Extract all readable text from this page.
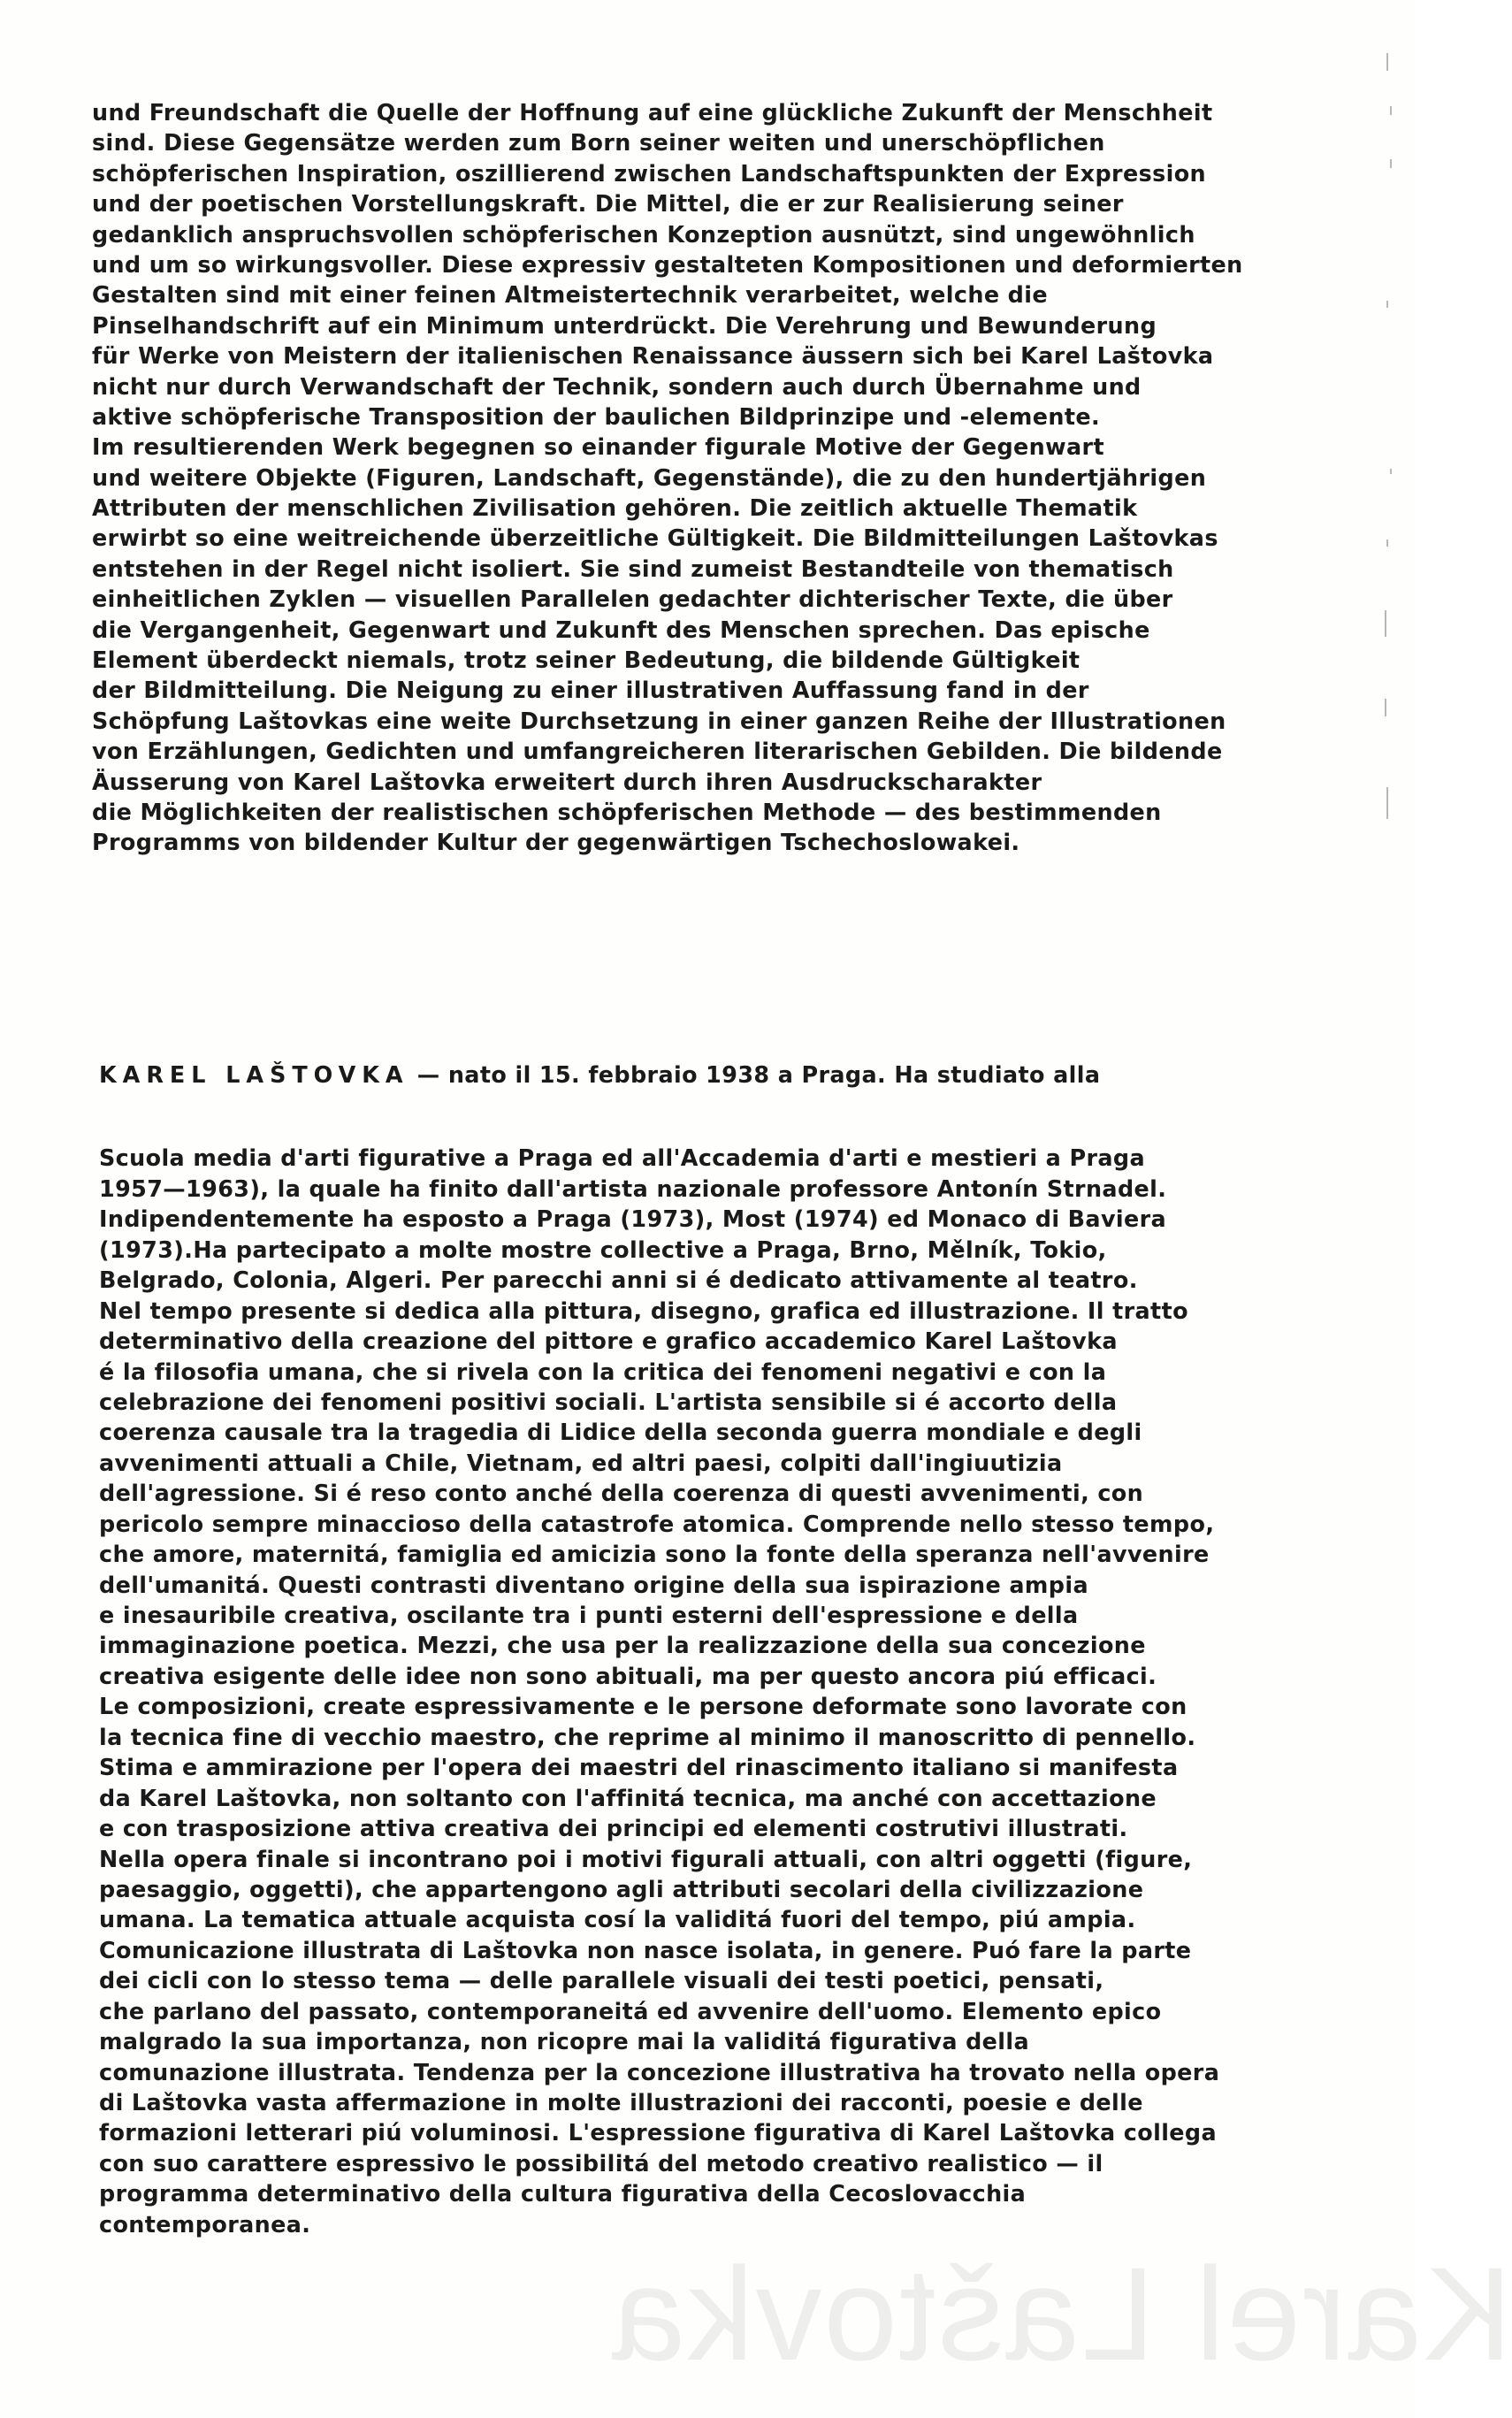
und Freundschaft die Quelle der Hoffnung auf eine glückliche Zukunft der Menschheit
sind. Diese Gegensätze werden zum Born seiner weiten und unerschöpflichen
schöpferischen Inspiration, oszillierend zwischen Landschaftspunkten der Expression
und der poetischen Vorstellungskraft. Die Mittel, die er zur Realisierung seiner
gedanklich anspruchsvollen schöpferischen Konzeption ausnützt, sind ungewöhnlich
und um so wirkungsvoller. Diese expressiv gestalteten Kompositionen und deformierten
Gestalten sind mit einer feinen Altmeistertechnik verarbeitet, welche die
Pinselhandschrift auf ein Minimum unterdrückt. Die Verehrung und Bewunderung
für Werke von Meistern der italienischen Renaissance äussern sich bei Karel Laštovka
nicht nur durch Verwandschaft der Technik, sondern auch durch Übernahme und
aktive schöpferische Transposition der baulichen Bildprinzipe und -elemente.
Im resultierenden Werk begegnen so einander figurale Motive der Gegenwart
und weitere Objekte (Figuren, Landschaft, Gegenstände), die zu den hundertjährigen
Attributen der menschlichen Zivilisation gehören. Die zeitlich aktuelle Thematik
erwirbt so eine weitreichende überzeitliche Gültigkeit. Die Bildmitteilungen Laštovkas
entstehen in der Regel nicht isoliert. Sie sind zumeist Bestandteile von thematisch
einheitlichen Zyklen — visuellen Parallelen gedachter dichterischer Texte, die über
die Vergangenheit, Gegenwart und Zukunft des Menschen sprechen. Das epische
Element überdeckt niemals, trotz seiner Bedeutung, die bildende Gültigkeit
der Bildmitteilung. Die Neigung zu einer illustrativen Auffassung fand in der
Schöpfung Laštovkas eine weite Durchsetzung in einer ganzen Reihe der Illustrationen
von Erzählungen, Gedichten und umfangreicheren literarischen Gebilden. Die bildende
Äusserung von Karel Laštovka erweitert durch ihren Ausdruckscharakter
die Möglichkeiten der realistischen schöpferischen Methode — des bestimmenden
Programms von bildender Kultur der gegenwärtigen Tschechoslowakei.

KAREL LAŠTOVKA — nato il 15. febbraio 1938 a Praga. Ha studiato alla

Scuola media d'arti figurative a Praga ed all'Accademia d'arti e mestieri a Praga
1957—1963), la quale ha finito dall'artista nazionale professore Antonín Strnadel.
Indipendentemente ha esposto a Praga (1973), Most (1974) ed Monaco di Baviera
(1973).Ha partecipato a molte mostre collective a Praga, Brno, Mělník, Tokio,
Belgrado, Colonia, Algeri. Per parecchi anni si é dedicato attivamente al teatro.
Nel tempo presente si dedica alla pittura, disegno, grafica ed illustrazione. Il tratto
determinativo della creazione del pittore e grafico accademico Karel Laštovka
é la filosofia umana, che si rivela con la critica dei fenomeni negativi e con la
celebrazione dei fenomeni positivi sociali. L'artista sensibile si é accorto della
coerenza causale tra la tragedia di Lidice della seconda guerra mondiale e degli
avvenimenti attuali a Chile, Vietnam, ed altri paesi, colpiti dall'ingiuutizia
dell'agressione. Si é reso conto anché della coerenza di questi avvenimenti, con
pericolo sempre minaccioso della catastrofe atomica. Comprende nello stesso tempo,
che amore, maternitá, famiglia ed amicizia sono la fonte della speranza nell'avvenire
dell'umanitá. Questi contrasti diventano origine della sua ispirazione ampia
e inesauribile creativa, oscilante tra i punti esterni dell'espressione e della
immaginazione poetica. Mezzi, che usa per la realizzazione della sua concezione
creativa esigente delle idee non sono abituali, ma per questo ancora piú efficaci.
Le composizioni, create espressivamente e le persone deformate sono lavorate con
la tecnica fine di vecchio maestro, che reprime al minimo il manoscritto di pennello.
Stima e ammirazione per l'opera dei maestri del rinascimento italiano si manifesta
da Karel Laštovka, non soltanto con l'affinitá tecnica, ma anché con accettazione
e con trasposizione attiva creativa dei principi ed elementi costrutivi illustrati.
Nella opera finale si incontrano poi i motivi figurali attuali, con altri oggetti (figure,
paesaggio, oggetti), che appartengono agli attributi secolari della civilizzazione
umana. La tematica attuale acquista cosí la validitá fuori del tempo, piú ampia.
Comunicazione illustrata di Laštovka non nasce isolata, in genere. Puó fare la parte
dei cicli con lo stesso tema — delle parallele visuali dei testi poetici, pensati,
che parlano del passato, contemporaneitá ed avvenire dell'uomo. Elemento epico
malgrado la sua importanza, non ricopre mai la validitá figurativa della
comunazione illustrata. Tendenza per la concezione illustrativa ha trovato nella opera
di Laštovka vasta affermazione in molte illustrazioni dei racconti, poesie e delle
formazioni letterari piú voluminosi. L'espressione figurativa di Karel Laštovka collega
con suo carattere espressivo le possibilitá del metodo creativo realistico — il
programma determinativo della cultura figurativa della Cecoslovacchia
contemporanea.
Karel Laštovka
